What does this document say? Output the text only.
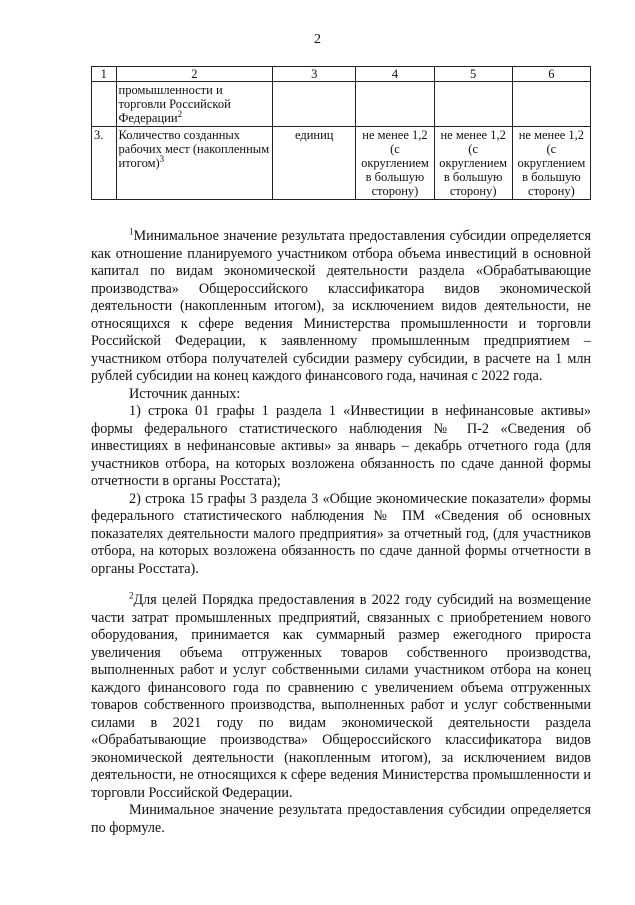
2
1	2	3	4	5	6
	промышленности и торговли Российской Федерации$^2$				
3.	Количество созданных рабочих мест (накопленным итогом)$^3$	единиц	не менее 1,2 (с округлением в большую сторону)	не менее 1,2 (с округлением в большую сторону)	не менее 1,2 (с округлением в большую сторону)

$^1$Минимальное значение результата предоставления субсидии определяется как отношение планируемого участником отбора объема инвестиций в основной капитал по видам экономической деятельности раздела «Обрабатывающие производства» Общероссийского классификатора видов экономической деятельности (накопленным итогом), за исключением видов деятельности, не относящихся к сфере ведения Министерства промышленности и торговли Российской Федерации, к заявленному промышленным предприятием – участником отбора получателей субсидии размеру субсидии, в расчете на 1 млн рублей субсидии на конец каждого финансового года, начиная с 2022 года.

Источник данных:

1) строка 01 графы 1 раздела 1 «Инвестиции в нефинансовые активы» формы федерального статистического наблюдения № П-2 «Сведения об инвестициях в нефинансовые активы» за январь – декабрь отчетного года (для участников отбора, на которых возложена обязанность по сдаче данной формы отчетности в органы Росстата);

2) строка 15 графы 3 раздела 3 «Общие экономические показатели» формы федерального статистического наблюдения № ПМ «Сведения об основных показателях деятельности малого предприятия» за отчетный год, (для участников отбора, на которых возложена обязанность по сдаче данной формы отчетности в органы Росстата).

$^2$Для целей Порядка предоставления в 2022 году субсидий на возмещение части затрат промышленных предприятий, связанных с приобретением нового оборудования, принимается как суммарный размер ежегодного прироста увеличения объема отгруженных товаров собственного производства, выполненных работ и услуг собственными силами участником отбора на конец каждого финансового года по сравнению с увеличением объема отгруженных товаров собственного производства, выполненных работ и услуг собственными силами в 2021 году по видам экономической деятельности раздела «Обрабатывающие производства» Общероссийского классификатора видов экономической деятельности (накопленным итогом), за исключением видов деятельности, не относящихся к сфере ведения Министерства промышленности и торговли Российской Федерации.

Минимальное значение результата предоставления субсидии определяется по формуле.
